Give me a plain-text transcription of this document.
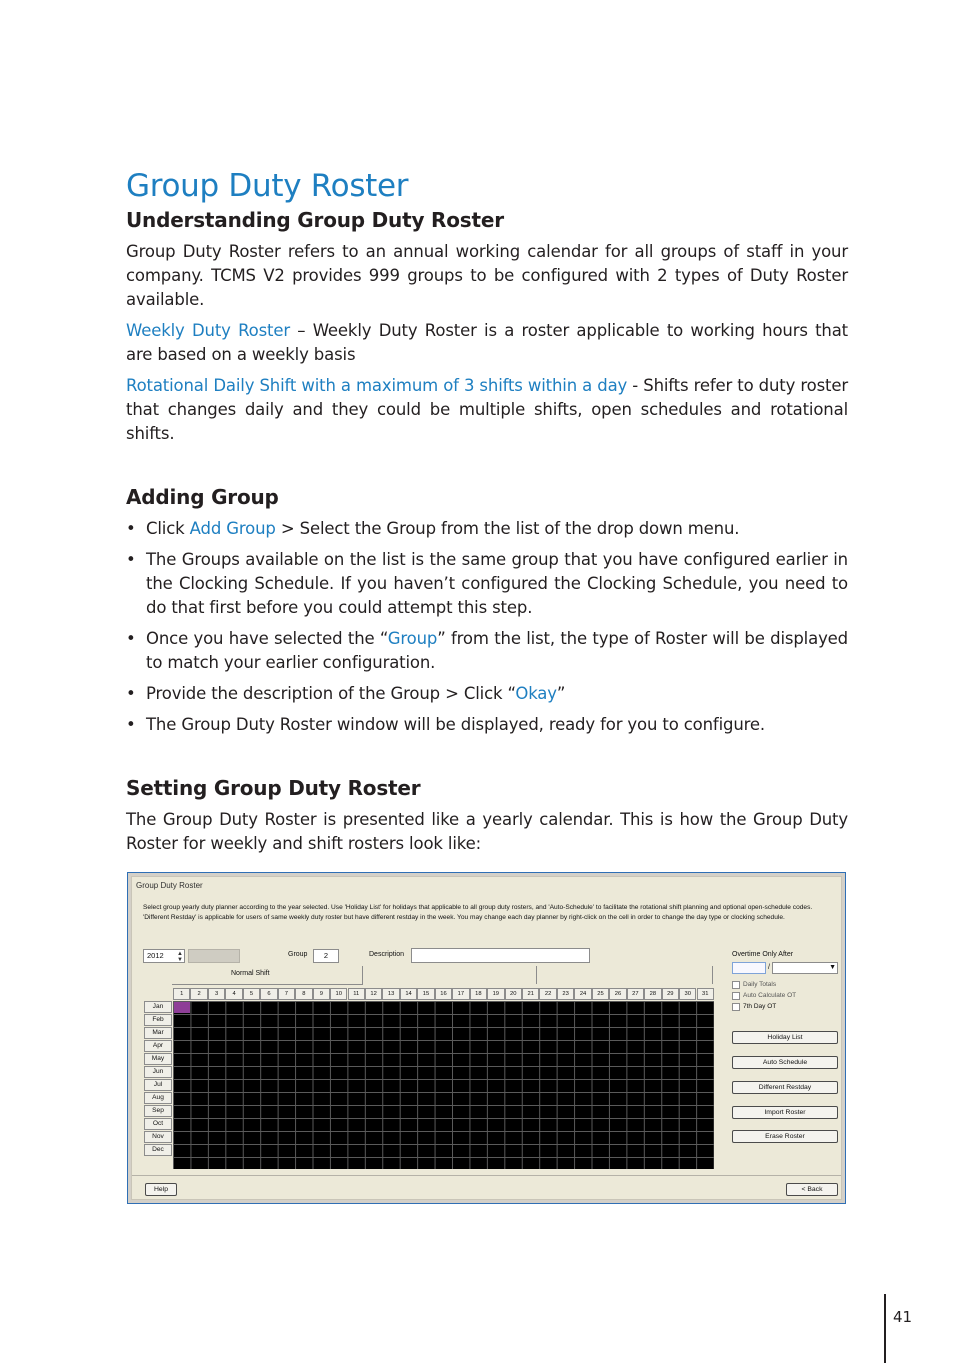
Group Duty Roster
Understanding Group Duty Roster
Group Duty Roster refers to an annual working calendar for all groups of staff in your company. TCMS V2 provides 999 groups to be configured with 2 types of Duty Roster available.
Weekly Duty Roster – Weekly Duty Roster is a roster applicable to working hours that are based on a weekly basis
Rotational Daily Shift with a maximum of 3 shifts within a day - Shifts refer to duty roster that changes daily and they could be multiple shifts, open schedules and rotational shifts.
Adding Group
• Click Add Group > Select the Group from the list of the drop down menu.
• The Groups available on the list is the same group that you have configured earlier in the Clocking Schedule. If you haven’t configured the Clocking Schedule, you need to do that first before you could attempt this step.
• Once you have selected the “Group” from the list, the type of Roster will be displayed to match your earlier configuration.
• Provide the description of the Group > Click “Okay”
• The Group Duty Roster window will be displayed, ready for you to configure.
Setting Group Duty Roster
The Group Duty Roster is presented like a yearly calendar. This is how the Group Duty Roster for weekly and shift rosters look like:
Group Duty Roster
Select group yearly duty planner according to the year selected. Use 'Holiday List' for holidays that applicable to all group duty rosters, and 'Auto-Schedule' to facilitate the rotational shift planning and optional open-schedule codes. 'Different Restday' is applicable for users of same weekly duty roster but have different restday in the week. You may change each day planner by right-click on the cell in order to change the day type or clocking schedule.
2012 ▲
▼
Group	2	Description
Normal Shift
1	2	3	4	5	6	7	8	9	10	11	12	13	14	15	16	17	18	19	20	21	22	23	24	25	26	27	28	29	30	31
Jan
Feb
Mar
Apr
May
Jun
Jul
Aug
Sep
Oct
Nov
Dec
Overtime Only After
/	▼
Daily Totals
Auto Calculate OT
7th Day OT
Holiday List
Auto Schedule
Different Restday
Import Roster
Erase Roster
Help	< Back
41
